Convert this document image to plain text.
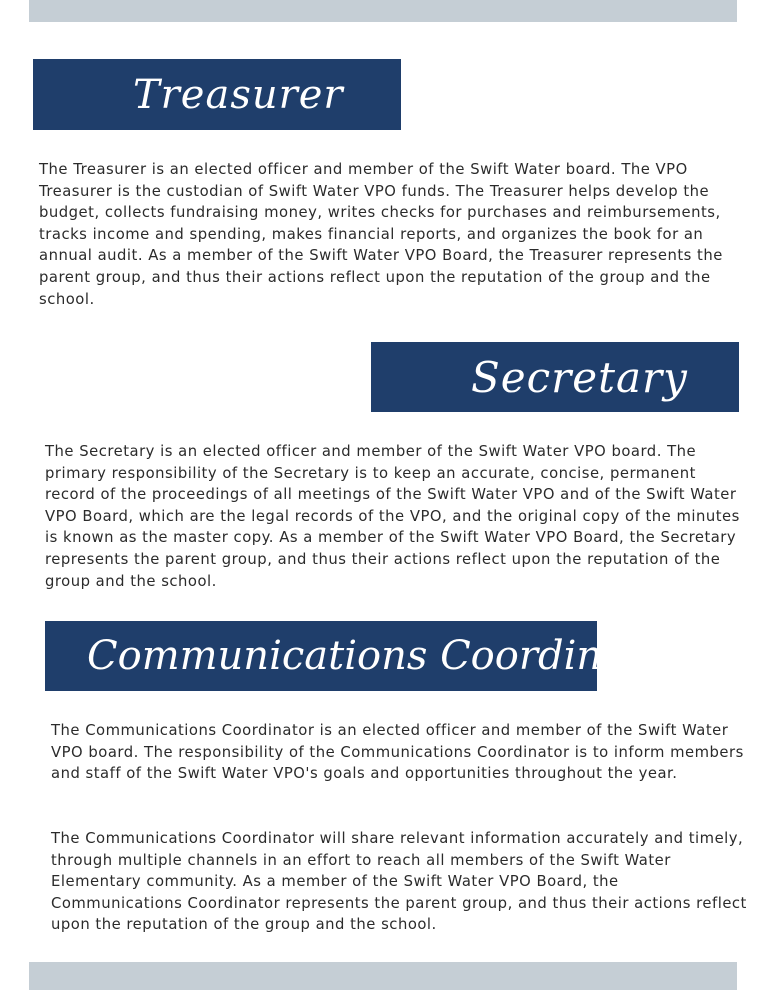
Treasurer

The Treasurer is an elected officer and member of the Swift Water board. The VPO Treasurer is the custodian of Swift Water VPO funds. The Treasurer helps develop the budget, collects fundraising money, writes checks for purchases and reimbursements, tracks income and spending, makes financial reports, and organizes the book for an annual audit. As a member of the Swift Water VPO Board, the Treasurer represents the parent group, and thus their actions reflect upon the reputation of the group and the school.

Secretary

The Secretary is an elected officer and member of the Swift Water VPO board. The primary responsibility of the Secretary is to keep an accurate, concise, permanent record of the proceedings of all meetings of the Swift Water VPO and of the Swift Water VPO Board, which are the legal records of the VPO, and the original copy of the minutes is known as the master copy. As a member of the Swift Water VPO Board, the Secretary represents the parent group, and thus their actions reflect upon the reputation of the group and the school.

Communications Coordinator

The Communications Coordinator is an elected officer and member of the Swift Water VPO board. The responsibility of the Communications Coordinator is to inform members and staff of the Swift Water VPO's goals and opportunities throughout the year.

The Communications Coordinator will share relevant information accurately and timely, through multiple channels in an effort to reach all members of the Swift Water Elementary community. As a member of the Swift Water VPO Board, the Communications Coordinator represents the parent group, and thus their actions reflect upon the reputation of the group and the school.
